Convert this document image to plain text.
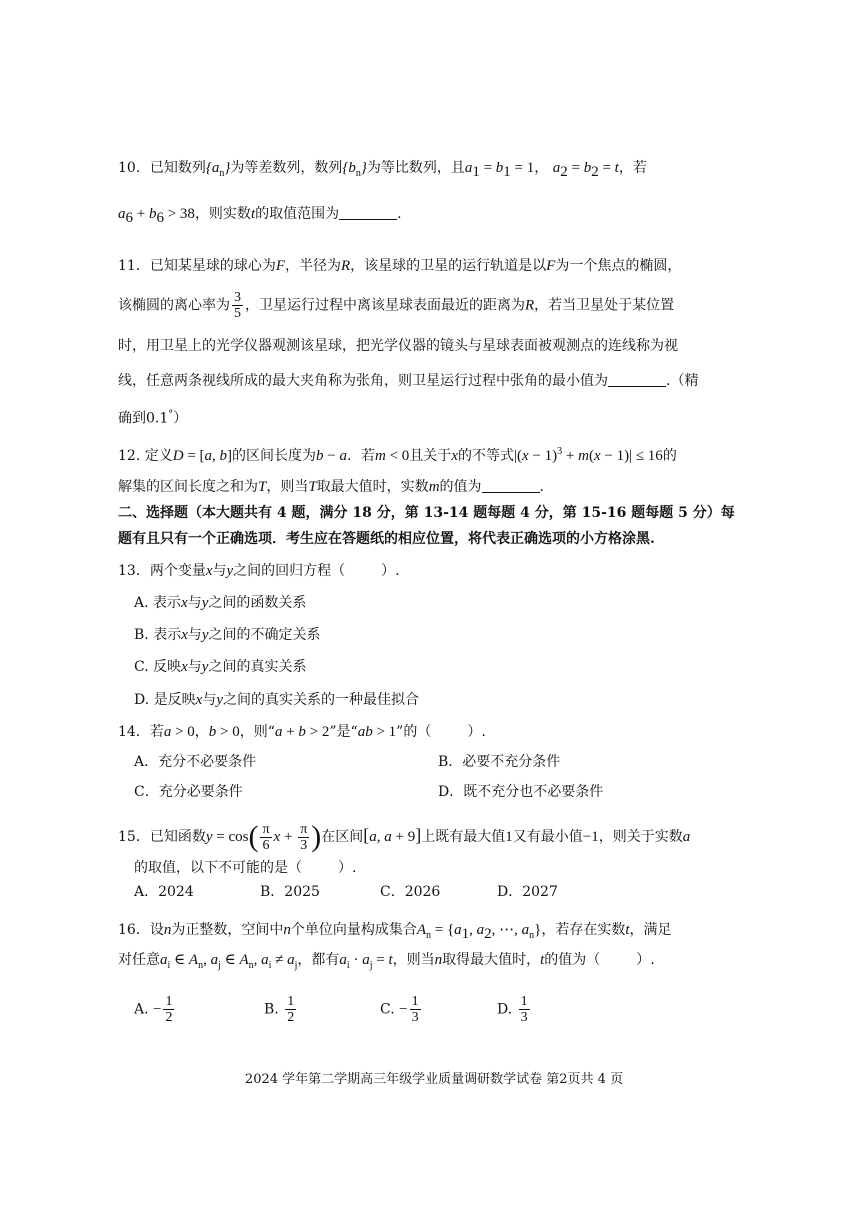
10．已知数列$\{a_n\}$为等差数列，数列$\{b_n\}$为等比数列，且$a_1 = b_1 = 1$， $a_2 = b_2 = t$，若
$a_6 + b_6 > 38$，则实数t的取值范围为	.
11．已知某星球的球心为F，半径为R，该星球的卫星的运行轨道是以F为一个焦点的椭圆，
该椭圆的离心率为 $\frac{3}{5}$ ，卫星运行过程中离该星球表面最近的距离为R，若当卫星处于某位置
时，用卫星上的光学仪器观测该星球，把光学仪器的镜头与星球表面被观测点的连线称为视
线，任意两条视线所成的最大夹角称为张角，则卫星运行过程中张角的最小值为	.（精
确到0.1°）
12. 定义D = [a, b]的区间长度为b − a．若m < 0且关于x的不等式$|(x - 1)^3 + m(x - 1)| \le 16$的
解集的区间长度之和为T，则当T取最大值时，实数m的值为	.
二、选择题（本大题共有 4 题，满分 18 分，第 13-14 题每题 4 分，第 15-16 题每题 5 分）每
题有且只有一个正确选项．考生应在答题纸的相应位置，将代表正确选项的小方格涂黑.
13．两个变量x与y之间的回归方程（	）.
A. 表示x与y之间的函数关系
B. 表示x与y之间的不确定关系
C. 反映x与y之间的真实关系
D. 是反映x与y之间的真实关系的一种最佳拟合
14．若a > 0，b > 0，则“a + b > 2”是“ab > 1”的（	）.
A．充分不必要条件	B．必要不充分条件
C．充分必要条件	D．既不充分也不必要条件
15．已知函数$y = \cos( \frac{\pi}{6}$ $x + \frac{\pi}{3}$ )在区间[a, a + 9]上既有最大值1又有最小值−1，则关于实数a
的取值，以下不可能的是（	）.
A．2024	B．2025	C．2026	D．2027
16．设n为正整数，空间中n个单位向量构成集合$A_n = \{a_1$, $a_2$, ⋯, $a_n$}，若存在实数t，满足
对任意$a_i$ ∈ $A_n$, $a_j$ ∈ $A_n$, $a_i \ne a_j$，都有$a_i \cdot a_j = t$，则当n取得最大值时，t的值为（	）.
A. − $\frac{1}{2}$	B. $\frac{1}{2}$	C. − $\frac{1}{3}$	D. $\frac{1}{3}$
2024 学年第二学期高三年级学业质量调研数学试卷 第2页共 4 页
